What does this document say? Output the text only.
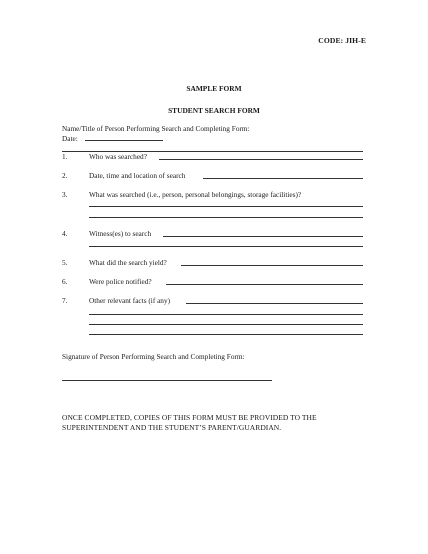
CODE: JIH-E
SAMPLE FORM
STUDENT SEARCH FORM
Name/Title of Person Performing Search and Completing Form:
Date:
1.	Who was searched?
2.	Date, time and location of search
3.	What was searched (i.e., person, personal belongings, storage facilities)?
4.	Witness(es) to search
5.	What did the search yield?
6.	Were police notified?
7.	Other relevant facts (if any)
Signature of Person Performing Search and Completing Form:
ONCE COMPLETED, COPIES OF THIS FORM MUST BE PROVIDED TO THE SUPERINTENDENT AND THE STUDENT’S PARENT/GUARDIAN.
